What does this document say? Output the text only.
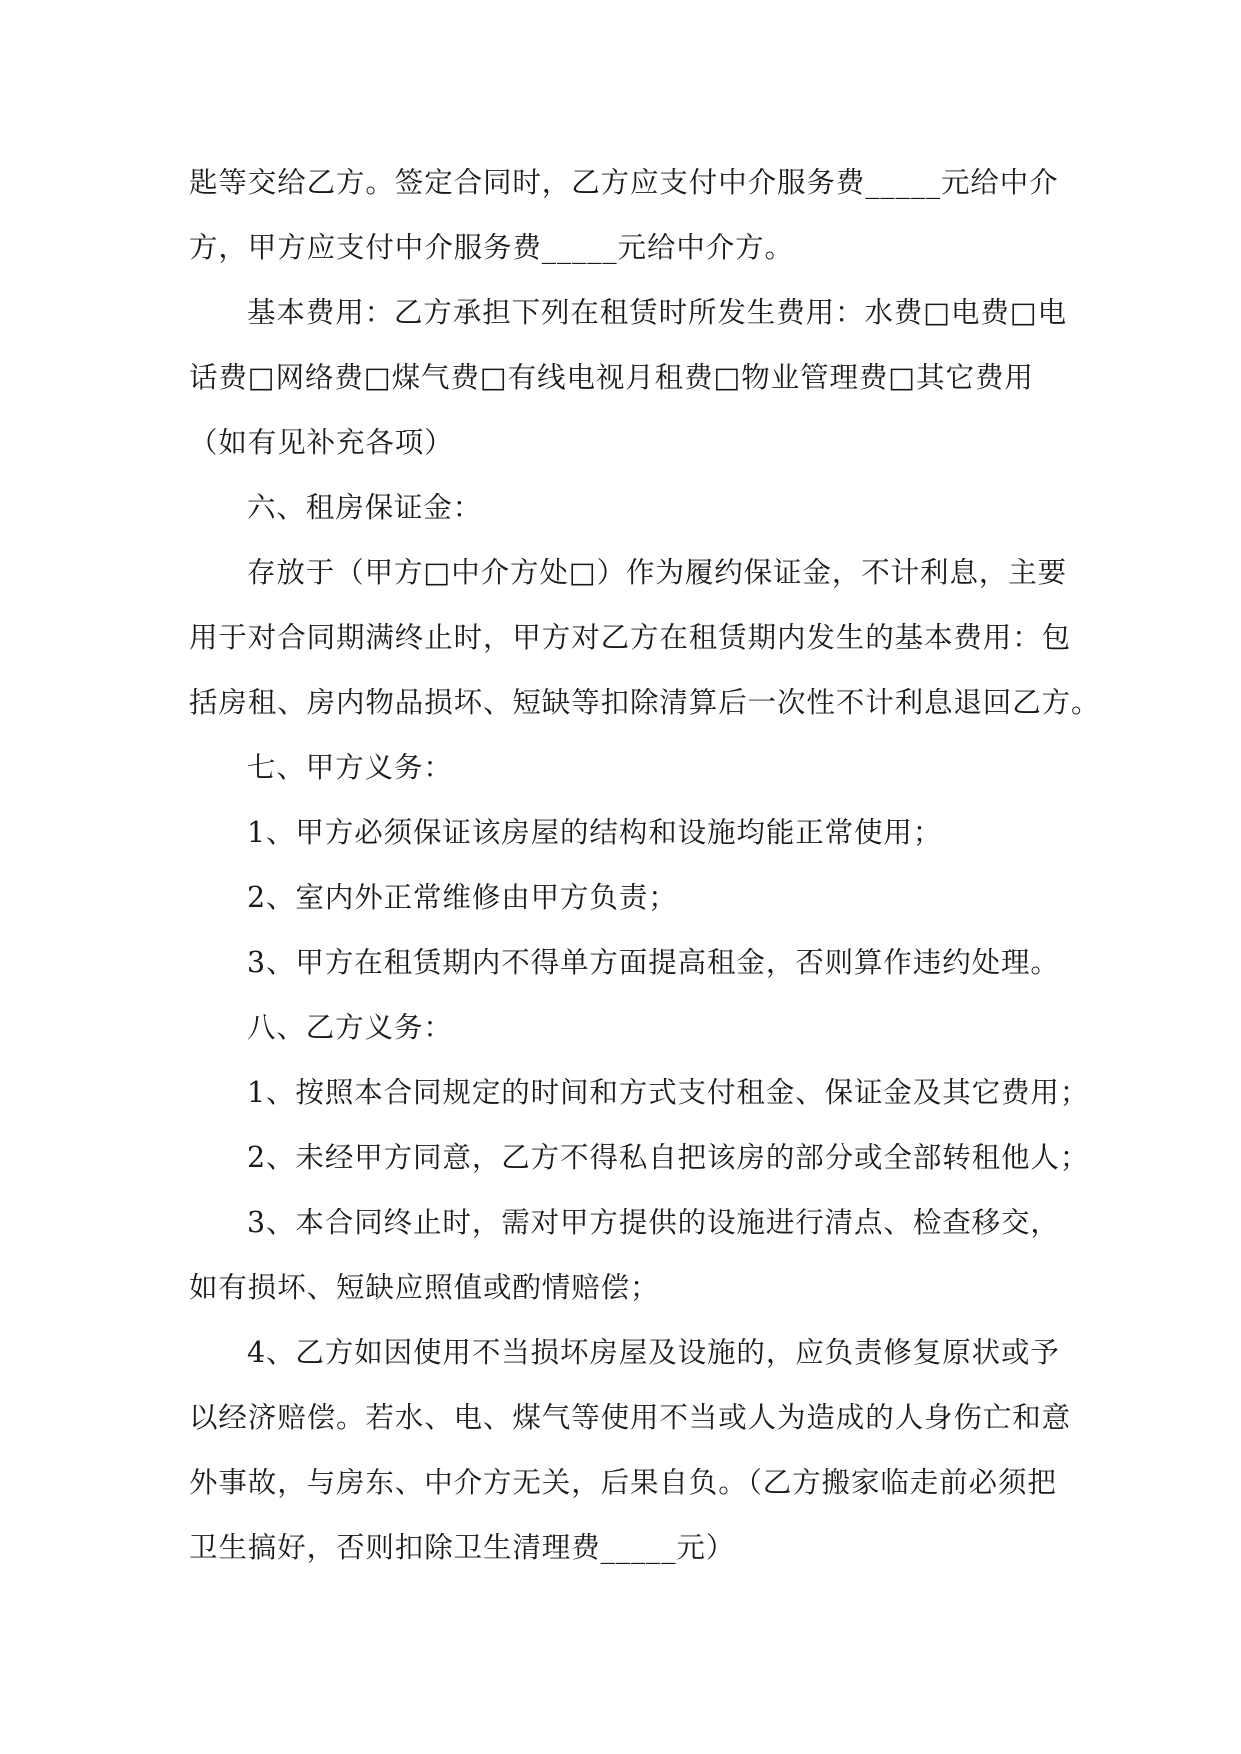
匙等交给乙方。签定合同时，乙方应支付中介服务费_____元给中介
方，甲方应支付中介服务费_____元给中介方。
基本费用：乙方承担下列在租赁时所发生费用：水费□电费□电
话费□网络费□煤气费□有线电视月租费□物业管理费□其它费用
（如有见补充各项）
六、租房保证金：
存放于（甲方□中介方处□）作为履约保证金，不计利息，主要
用于对合同期满终止时，甲方对乙方在租赁期内发生的基本费用：包
括房租、房内物品损坏、短缺等扣除清算后一次性不计利息退回乙方。
七、甲方义务：
1、甲方必须保证该房屋的结构和设施均能正常使用；
2、室内外正常维修由甲方负责；
3、甲方在租赁期内不得单方面提高租金，否则算作违约处理。
八、乙方义务：
1、按照本合同规定的时间和方式支付租金、保证金及其它费用；
2、未经甲方同意，乙方不得私自把该房的部分或全部转租他人；
3、本合同终止时，需对甲方提供的设施进行清点、检查移交，
如有损坏、短缺应照值或酌情赔偿；
4、乙方如因使用不当损坏房屋及设施的，应负责修复原状或予
以经济赔偿。若水、电、煤气等使用不当或人为造成的人身伤亡和意
外事故，与房东、中介方无关，后果自负。（乙方搬家临走前必须把
卫生搞好，否则扣除卫生清理费_____元）
